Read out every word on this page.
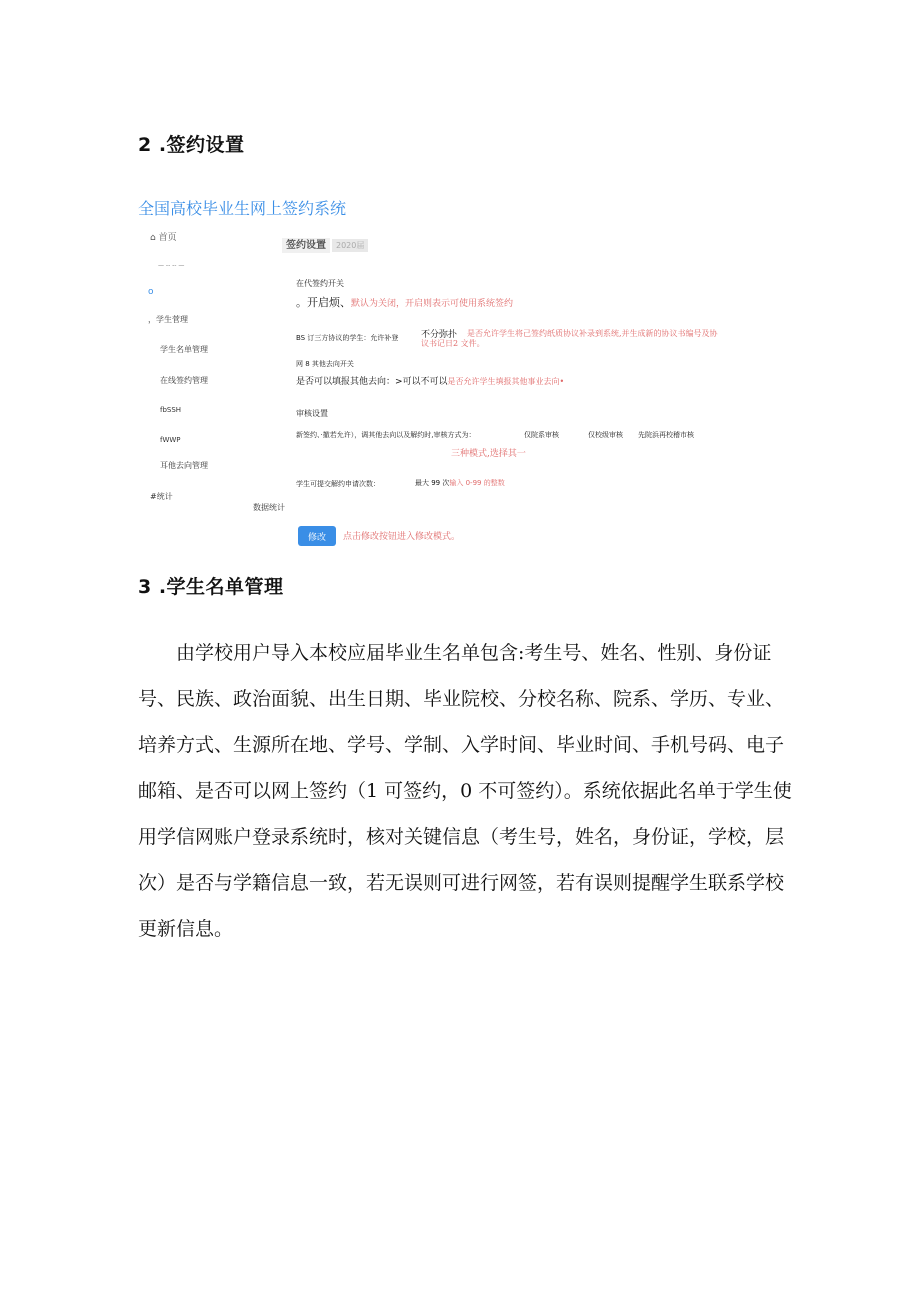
2 .签约设置
全国高校毕业生网上签约系统
⌂ 首页
— -- -- —
o
，学生菅理
学生名单管理
在线签约管理
fbSSH
fWWP
耳他去向管理
#统计
数据统计
签约设置 2020届
在代签约开关
。开启烦、默认为关闭，开启则表示可使用系统签约
BS 订三方协议的学生：允许补登	不分弥扑 是否允许学生将己签约纸质协议补录到系统,并生成新的协议书编号及协
议书记日2 文件。
网 8 其他去向开关
是否可以填报其他去向：>可以不可以是否允许学生填报其他事业去向•
审核设置
新签约、·撤若允许），调其他去向以及解约时,审核方式为：	仅院系审核	仅校级审核 先院浜再校稽市核
三种模式,选择其一
学生可提交解约申请次数：	最大 99 次输入 0-99 的整数
修改	点击修改按钮进入修改模式。
3 .学生名单管理
由学校用户导入本校应届毕业生名单包含:考生号、姓名、性别、身份证号、民族、政治面貌、出生日期、毕业院校、分校名称、院系、学历、专业、培养方式、生源所在地、学号、学制、入学时间、毕业时间、手机号码、电子邮箱、是否可以网上签约（1 可签约，0 不可签约）。系统依据此名单于学生使用学信网账户登录系统时，核对关键信息（考生号，姓名，身份证，学校，层次）是否与学籍信息一致，若无误则可进行网签，若有误则提醒学生联系学校更新信息。
